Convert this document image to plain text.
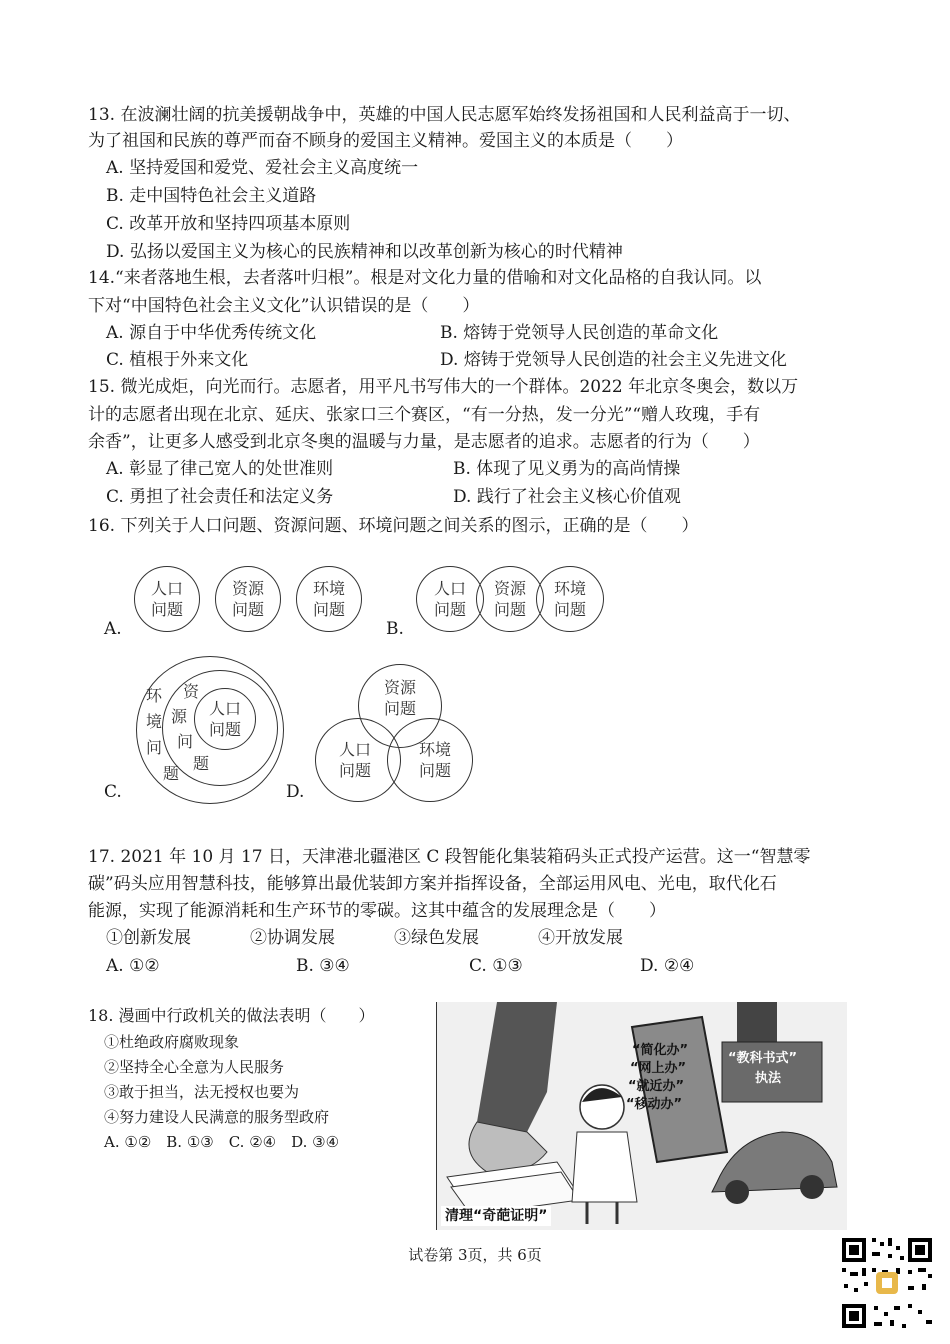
13. 在波澜壮阔的抗美援朝战争中，英雄的中国人民志愿军始终发扬祖国和人民利益高于一切、
为了祖国和民族的尊严而奋不顾身的爱国主义精神。爱国主义的本质是（　　）
A. 坚持爱国和爱党、爱社会主义高度统一
B. 走中国特色社会主义道路
C. 改革开放和坚持四项基本原则
D. 弘扬以爱国主义为核心的民族精神和以改革创新为核心的时代精神
14.“来者落地生根，去者落叶归根”。根是对文化力量的借喻和对文化品格的自我认同。以
下对“中国特色社会主义文化”认识错误的是（　　）
A. 源自于中华优秀传统文化	B. 熔铸于党领导人民创造的革命文化
C. 植根于外来文化	D. 熔铸于党领导人民创造的社会主义先进文化
15. 微光成炬，向光而行。志愿者，用平凡书写伟大的一个群体。2022 年北京冬奥会，数以万
计的志愿者出现在北京、延庆、张家口三个赛区，“有一分热，发一分光”“赠人玫瑰，手有
余香”，让更多人感受到北京冬奥的温暖与力量，是志愿者的追求。志愿者的行为（　　）
A. 彰显了律己宽人的处世准则	B. 体现了见义勇为的高尚情操
C. 勇担了社会责任和法定义务	D. 践行了社会主义核心价值观
16. 下列关于人口问题、资源问题、环境问题之间关系的图示，正确的是（　　）
A.
人口问题
资源问题
环境问题
B.
人口问题
资源问题
环境问题
C.
人口问题
环
境
问
题
资
源
问
题
D.
资源问题
人口问题
环境问题
17. 2021 年 10 月 17 日，天津港北疆港区 C 段智能化集装箱码头正式投产运营。这一“智慧零
碳”码头应用智慧科技，能够算出最优装卸方案并指挥设备，全部运用风电、光电，取代化石
能源，实现了能源消耗和生产环节的零碳。这其中蕴含的发展理念是（　　）
①创新发展	②协调发展	③绿色发展	④开放发展
A. ①②	B. ③④	C. ①③	D. ②④
18. 漫画中行政机关的做法表明（　　）
①杜绝政府腐败现象
②坚持全心全意为人民服务
③敢于担当，法无授权也要为
④努力建设人民满意的服务型政府
A. ①②　B. ①③　C. ②④　D. ③④
“简化办”
“网上办”
“就近办”
“移动办”
“教科书式”
执法
清理“奇葩证明”
试卷第 3页，共 6页
